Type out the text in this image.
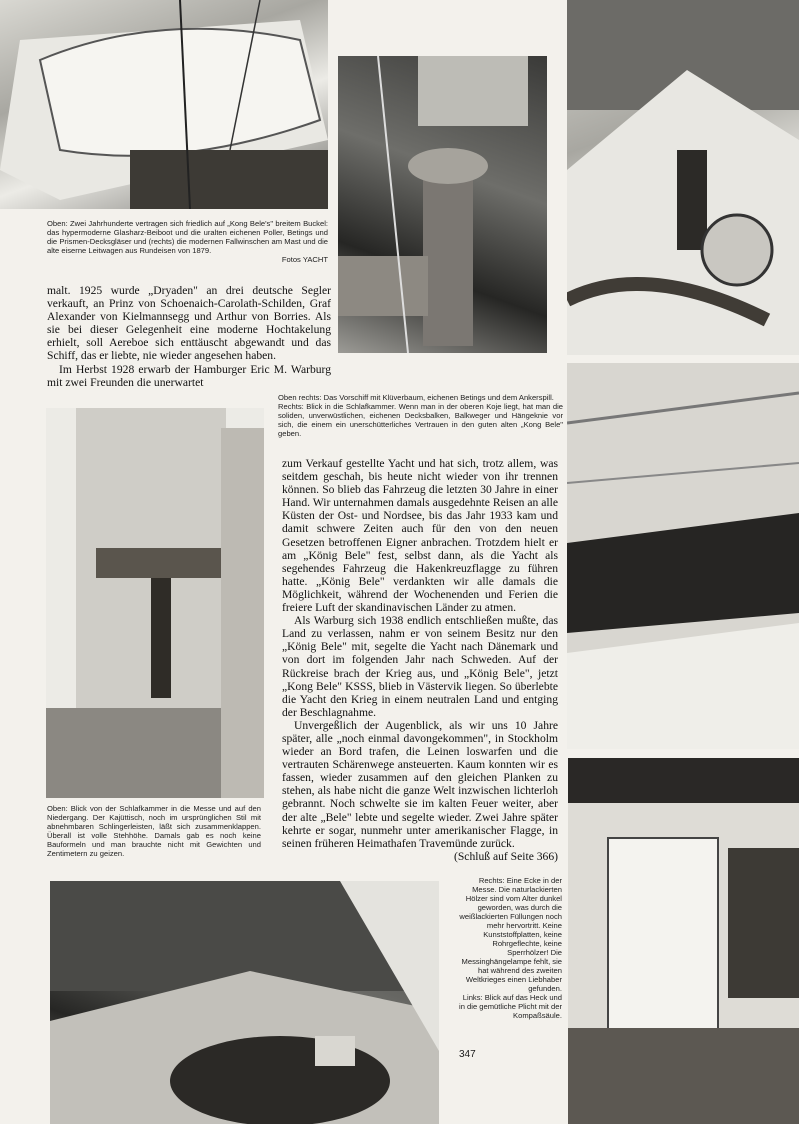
Oben: Zwei Jahrhunderte vertragen sich friedlich auf „Kong Bele's" breitem Buckel: das hypermoderne Glasharz-Beiboot und die uralten eichenen Poller, Betings und die Prismen-Decksgläser und (rechts) die modernen Fallwinschen am Mast und die alte eiserne Leitwagen aus Rundeisen von 1879.

Fotos YACHT

Oben rechts: Das Vorschiff mit Klüverbaum, eichenen Betings und dem Ankerspill.

Rechts: Blick in die Schlafkammer. Wenn man in der oberen Koje liegt, hat man die soliden, unverwüstlichen, eichenen Decksbalken, Balkweger und Hängeknie vor sich, die einem ein unerschütterliches Vertrauen in den guten alten „Kong Bele" geben.

Oben: Blick von der Schlafkammer in die Messe und auf den Niedergang. Der Kajüttisch, noch im ursprünglichen Stil mit abnehmbaren Schlingerleisten, läßt sich zusammenklappen. Überall ist volle Stehhöhe. Damals gab es noch keine Bauformeln und man brauchte nicht mit Gewichten und Zentimetern zu geizen.

Rechts: Eine Ecke in der Messe. Die naturlackierten Hölzer sind vom Alter dunkel geworden, was durch die weißlackierten Füllungen noch mehr hervortritt. Keine Kunststoffplatten, keine Rohrgeflechte, keine Sperrhölzer! Die Messinghängelampe fehlt, sie hat während des zweiten Weltkrieges einen Liebhaber gefunden.

Links: Blick auf das Heck und in die gemütliche Plicht mit der Kompaßsäule.

malt. 1925 wurde „Dryaden" an drei deutsche Segler verkauft, an Prinz von Schoenaich-Carolath-Schilden, Graf Alexander von Kielmannsegg und Arthur von Borries. Als sie bei dieser Gelegenheit eine moderne Hochtakelung erhielt, soll Aereboe sich enttäuscht abgewandt und das Schiff, das er liebte, nie wieder angesehen haben.

Im Herbst 1928 erwarb der Hamburger Eric M. Warburg mit zwei Freunden die unerwartet

zum Verkauf gestellte Yacht und hat sich, trotz allem, was seitdem geschah, bis heute nicht wieder von ihr trennen können. So blieb das Fahrzeug die letzten 30 Jahre in einer Hand. Wir unternahmen damals ausgedehnte Reisen an alle Küsten der Ost- und Nordsee, bis das Jahr 1933 kam und damit schwere Zeiten auch für den von den neuen Gesetzen betroffenen Eigner anbrachen. Trotzdem hielt er am „König Bele" fest, selbst dann, als die Yacht als segehendes Fahrzeug die Hakenkreuzflagge zu führen hatte. „König Bele" verdankten wir alle damals die Möglichkeit, während der Wochenenden und Ferien die freiere Luft der skandinavischen Länder zu atmen.

Als Warburg sich 1938 endlich entschließen mußte, das Land zu verlassen, nahm er von seinem Besitz nur den „König Bele" mit, segelte die Yacht nach Dänemark und von dort im folgenden Jahr nach Schweden. Auf der Rückreise brach der Krieg aus, und „König Bele", jetzt „Kong Bele" KSSS, blieb in Västervik liegen. So überlebte die Yacht den Krieg in einem neutralen Land und entging der Beschlagnahme.

Unvergeßlich der Augenblick, als wir uns 10 Jahre später, alle „noch einmal davongekommen", in Stockholm wieder an Bord trafen, die Leinen loswarfen und die vertrauten Schärenwege ansteuerten. Kaum konnten wir es fassen, wieder zusammen auf den gleichen Planken zu stehen, als habe nicht die ganze Welt inzwischen lichterloh gebrannt. Noch schwelte sie im kalten Feuer weiter, aber der alte „Bele" lebte und segelte wieder. Zwei Jahre später kehrte er sogar, nunmehr unter amerikanischer Flagge, in seinen früheren Heimathafen Travemünde zurück.

(Schluß auf Seite 366)

347
